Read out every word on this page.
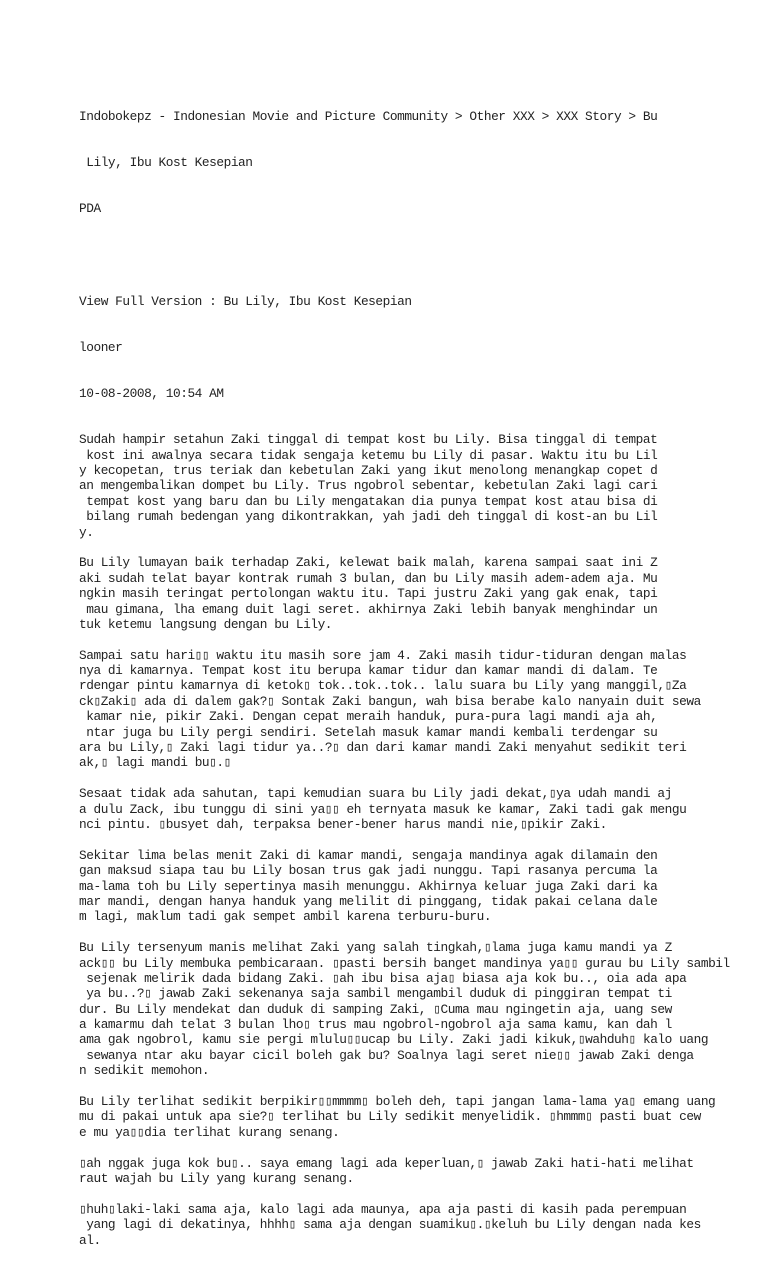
Indobokepz - Indonesian Movie and Picture Community > Other XXX > XXX Story > Bu

Lily, Ibu Kost Kesepian

PDA

View Full Version : Bu Lily, Ibu Kost Kesepian

looner

10-08-2008, 10:54 AM

Sudah hampir setahun Zaki tinggal di tempat kost bu Lily. Bisa tinggal di tempat
kost ini awalnya secara tidak sengaja ketemu bu Lily di pasar. Waktu itu bu Lil
y kecopetan, trus teriak dan kebetulan Zaki yang ikut menolong menangkap copet d
an mengembalikan dompet bu Lily. Trus ngobrol sebentar, kebetulan Zaki lagi cari
tempat kost yang baru dan bu Lily mengatakan dia punya tempat kost atau bisa di
bilang rumah bedengan yang dikontrakkan, yah jadi deh tinggal di kost-an bu Lil
y.
Bu Lily lumayan baik terhadap Zaki, kelewat baik malah, karena sampai saat ini Z
aki sudah telat bayar kontrak rumah 3 bulan, dan bu Lily masih adem-adem aja. Mu
ngkin masih teringat pertolongan waktu itu. Tapi justru Zaki yang gak enak, tapi
mau gimana, lha emang duit lagi seret. akhirnya Zaki lebih banyak menghindar un
tuk ketemu langsung dengan bu Lily.
Sampai satu hari▯▯ waktu itu masih sore jam 4. Zaki masih tidur-tiduran dengan malas
nya di kamarnya. Tempat kost itu berupa kamar tidur dan kamar mandi di dalam. Te
rdengar pintu kamarnya di ketok▯ tok..tok..tok.. lalu suara bu Lily yang manggil,▯Za
ck▯Zaki▯ ada di dalem gak?▯ Sontak Zaki bangun, wah bisa berabe kalo nanyain duit sewa
kamar nie, pikir Zaki. Dengan cepat meraih handuk, pura-pura lagi mandi aja ah,
ntar juga bu Lily pergi sendiri. Setelah masuk kamar mandi kembali terdengar su
ara bu Lily,▯ Zaki lagi tidur ya..?▯ dan dari kamar mandi Zaki menyahut sedikit teri
ak,▯ lagi mandi bu▯.▯
Sesaat tidak ada sahutan, tapi kemudian suara bu Lily jadi dekat,▯ya udah mandi aj
a dulu Zack, ibu tunggu di sini ya▯▯ eh ternyata masuk ke kamar, Zaki tadi gak mengu
nci pintu. ▯busyet dah, terpaksa bener-bener harus mandi nie,▯pikir Zaki.
Sekitar lima belas menit Zaki di kamar mandi, sengaja mandinya agak dilamain den
gan maksud siapa tau bu Lily bosan trus gak jadi nunggu. Tapi rasanya percuma la
ma-lama toh bu Lily sepertinya masih menunggu. Akhirnya keluar juga Zaki dari ka
mar mandi, dengan hanya handuk yang melilit di pinggang, tidak pakai celana dale
m lagi, maklum tadi gak sempet ambil karena terburu-buru.
Bu Lily tersenyum manis melihat Zaki yang salah tingkah,▯lama juga kamu mandi ya Z
ack▯▯ bu Lily membuka pembicaraan. ▯pasti bersih banget mandinya ya▯▯ gurau bu Lily sambil
sejenak melirik dada bidang Zaki. ▯ah ibu bisa aja▯ biasa aja kok bu.., oia ada apa
ya bu..?▯ jawab Zaki sekenanya saja sambil mengambil duduk di pinggiran tempat ti
dur. Bu Lily mendekat dan duduk di samping Zaki, ▯Cuma mau ngingetin aja, uang sew
a kamarmu dah telat 3 bulan lho▯ trus mau ngobrol-ngobrol aja sama kamu, kan dah l
ama gak ngobrol, kamu sie pergi mlulu▯▯ucap bu Lily. Zaki jadi kikuk,▯wahduh▯ kalo uang
sewanya ntar aku bayar cicil boleh gak bu? Soalnya lagi seret nie▯▯ jawab Zaki denga
n sedikit memohon.
Bu Lily terlihat sedikit berpikir▯▯mmmm▯ boleh deh, tapi jangan lama-lama ya▯ emang uang
mu di pakai untuk apa sie?▯ terlihat bu Lily sedikit menyelidik. ▯hmmm▯ pasti buat cew
e mu ya▯▯dia terlihat kurang senang.
▯ah nggak juga kok bu▯.. saya emang lagi ada keperluan,▯ jawab Zaki hati-hati melihat
raut wajah bu Lily yang kurang senang.
▯huh▯laki-laki sama aja, kalo lagi ada maunya, apa aja pasti di kasih pada perempuan
yang lagi di dekatinya, hhhh▯ sama aja dengan suamiku▯.▯keluh bu Lily dengan nada kes
al.
